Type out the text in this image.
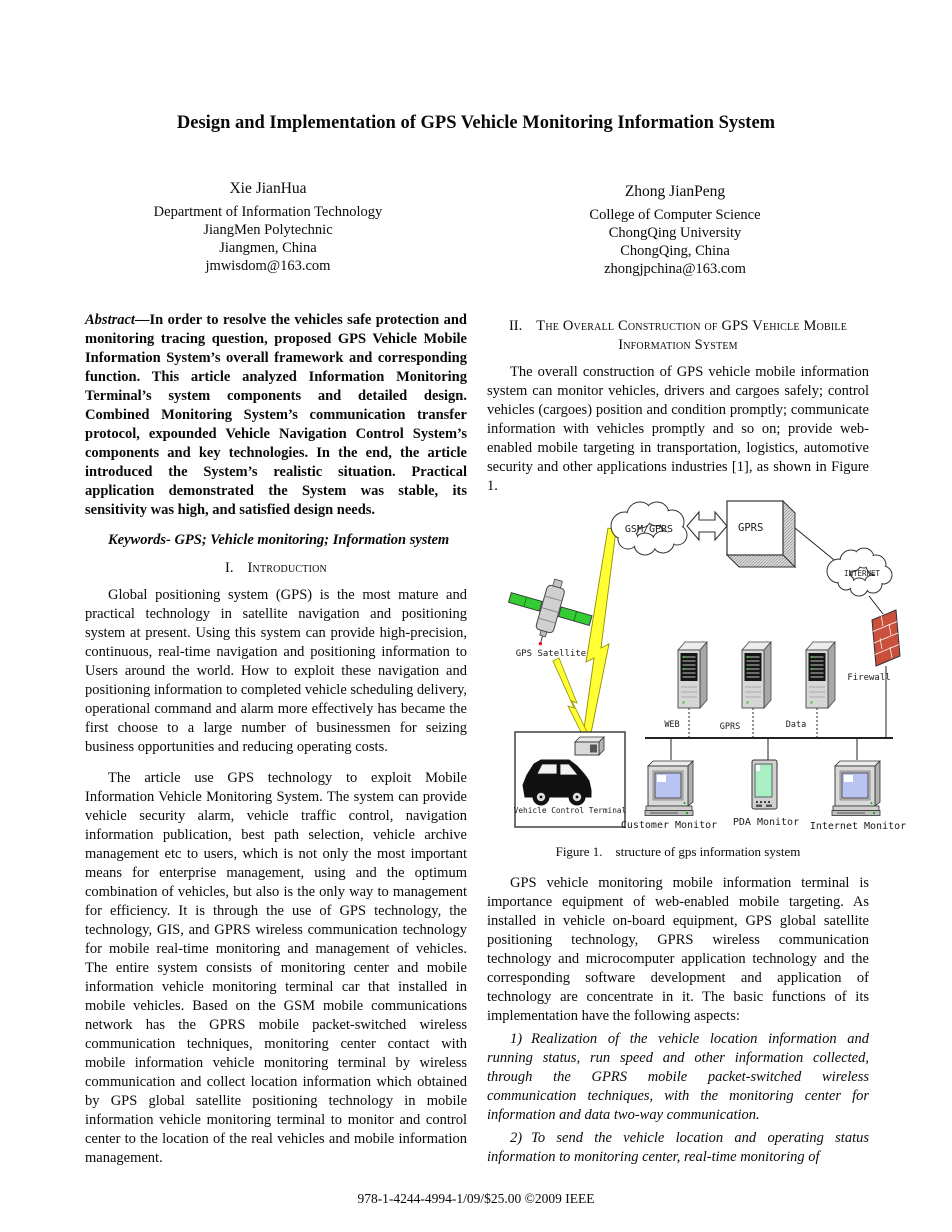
Design and Implementation of GPS Vehicle Monitoring Information System
Xie JianHua
Department of Information Technology
JiangMen Polytechnic
Jiangmen, China
jmwisdom@163.com
Zhong JianPeng
College of Computer Science
ChongQing University
ChongQing, China
zhongjpchina@163.com

Abstract—In order to resolve the vehicles safe protection and monitoring tracing question, proposed GPS Vehicle Mobile Information System’s overall framework and corresponding function. This article analyzed Information Monitoring Terminal’s system components and detailed design. Combined Monitoring System’s communication transfer protocol, expounded Vehicle Navigation Control System’s components and key technologies. In the end, the article introduced the System’s realistic situation. Practical application demonstrated the System was stable, its sensitivity was high, and satisfied design needs.

Keywords- GPS; Vehicle monitoring; Information system

I. Introduction

Global positioning system (GPS) is the most mature and practical technology in satellite navigation and positioning system at present. Using this system can provide high-precision, continuous, real-time navigation and positioning information to Users around the world. How to exploit these navigation and positioning information to completed vehicle scheduling delivery, operational command and alarm more effectively has became the first choose to a large number of businessmen for seizing business opportunities and reducing operating costs.

The article use GPS technology to exploit Mobile Information Vehicle Monitoring System. The system can provide vehicle security alarm, vehicle traffic control, navigation information publication, best path selection, vehicle archive management etc to users, which is not only the most important means for enterprise management, using and the optimum combination of vehicles, but also is the only way to management for efficiency. It is through the use of GPS technology, the technology, GIS, and GPRS wireless communication technology for mobile real-time monitoring and management of vehicles. The entire system consists of monitoring center and mobile information vehicle monitoring terminal car that installed in mobile vehicles. Based on the GSM mobile communications network has the GPRS mobile packet-switched wireless communication techniques, monitoring center contact with mobile information vehicle monitoring terminal by wireless communication and collect location information which obtained by GPS global satellite positioning technology in mobile information vehicle monitoring terminal to monitor and control center to the location of the real vehicles and mobile information management.

II. The Overall Construction of GPS Vehicle Mobile Information System

The overall construction of GPS vehicle mobile information system can monitor vehicles, drivers and cargoes safely; control vehicles (cargoes) position and condition promptly; communicate information with vehicles promptly and so on; provide web-enabled mobile targeting in transportation, logistics, automotive security and other applications industries [1], as shown in Figure 1.

GSM/GPRS	GPRS
INTERNET
Firewall
GPS Satellite
WEB	GPRS	Data
Vehicle Control Terminal
Customer Monitor PDA Monitor Internet Monitor
Figure 1. structure of gps information system

GPS vehicle monitoring mobile information terminal is importance equipment of web-enabled mobile targeting. As installed in vehicle on-board equipment, GPS global satellite positioning technology, GPRS wireless communication technology and microcomputer application technology and the corresponding software development and application of technology are concentrate in it. The basic functions of its implementation have the following aspects:

1) Realization of the vehicle location information and running status, run speed and other information collected, through the GPRS mobile packet-switched wireless communication techniques, with the monitoring center for information and data two-way communication.

2) To send the vehicle location and operating status information to monitoring center, real-time monitoring of

978-1-4244-4994-1/09/$25.00 ©2009 IEEE
